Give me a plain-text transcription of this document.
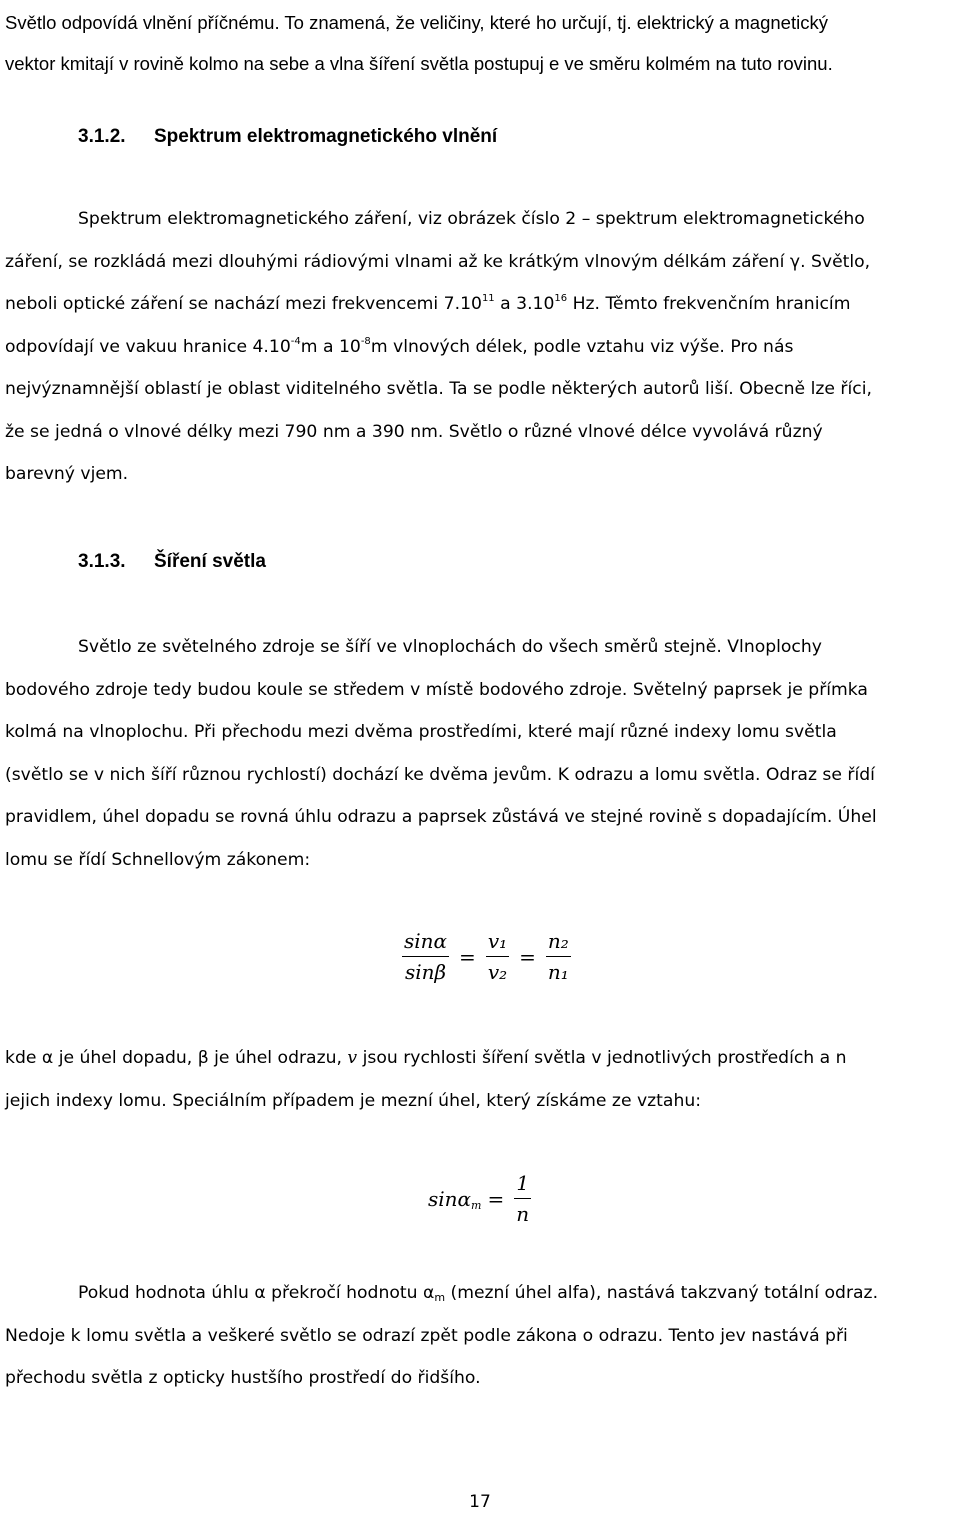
Světlo odpovídá vlnění příčnému. To znamená, že veličiny, které ho určují, tj. elektrický a magnetický
vektor kmitají v rovině kolmo na sebe a vlna šíření světla postupuj e ve směru kolmém na tuto rovinu.
3.1.2. Spektrum elektromagnetického vlnění
Spektrum elektromagnetického záření, viz obrázek číslo 2 – spektrum elektromagnetického
záření, se rozkládá mezi dlouhými rádiovými vlnami až ke krátkým vlnovým délkám záření γ. Světlo,
neboli optické záření se nachází mezi frekvencemi 7.10$^{11}$ a 3.10$^{16}$ Hz. Těmto frekvenčním hranicím
odpovídají ve vakuu hranice $4.10^{-4}m$ a $10^{-8}m$ vlnových délek, podle vztahu viz výše. Pro nás
nejvýznamnější oblastí je oblast viditelného světla. Ta se podle některých autorů liší. Obecně lze říci,
že se jedná o vlnové délky mezi 790 nm a 390 nm. Světlo o různé vlnové délce vyvolává různý
barevný vjem.
3.1.3. Šíření světla
Světlo ze světelného zdroje se šíří ve vlnoplochách do všech směrů stejně. Vlnoplochy
bodového zdroje tedy budou koule se středem v místě bodového zdroje. Světelný paprsek je přímka
kolmá na vlnoplochu. Při přechodu mezi dvěma prostředími, které mají různé indexy lomu světla
(světlo se v nich šíří různou rychlostí) dochází ke dvěma jevům. K odrazu a lomu světla. Odraz se řídí
pravidlem, úhel dopadu se rovná úhlu odrazu a paprsek zůstává ve stejné rovině s dopadajícím. Úhel
lomu se řídí Schnellovým zákonem:
$\frac{\sin\alpha}{\sin\beta} = \frac{\text{v₁}}{\text{v₂}} = \frac{\text{n₂}}{\text{n₁}}$
kde α je úhel dopadu, β je úhel odrazu, v jsou rychlosti šíření světla v jednotlivých prostředích a n
jejich indexy lomu. Speciálním případem je mezní úhel, který získáme ze vztahu:
$\sin\alpha_m = \frac{1}{n}$
Pokud hodnota úhlu α překročí hodnotu $\alpha_m$ (mezní úhel alfa), nastává takzvaný totální odraz.
Nedoje k lomu světla a veškeré světlo se odrazí zpět podle zákona o odrazu. Tento jev nastává při
přechodu světla z opticky hustšího prostředí do řidšího.
17
